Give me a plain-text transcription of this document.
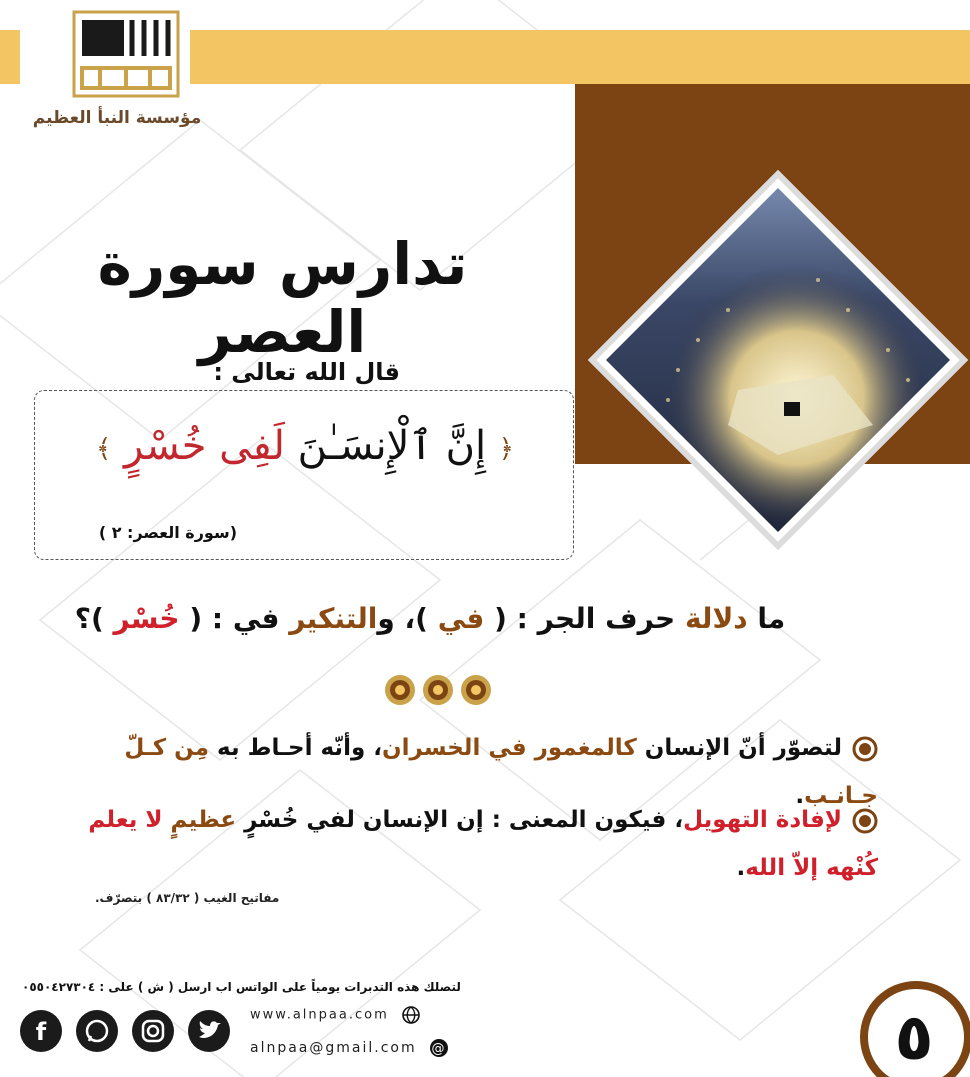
مؤسسة النبأ العظيم
تدارس سورة العصر
قال الله تعالى :
﴿ إِنَّ ٱلْإِنسَـٰنَ لَفِى خُسْرٍ ﴾
(سورة العصر: ٢ )
ما دلالة حرف الجر : ( في )، والتنكير في : ( خُسْر )؟
لتصوّر أنّ الإنسان كالمغمور في الخسران، وأنّه أحـاط به مِن كـلّ جـانـب.
لإفادة التهويل، فيكون المعنى : إن الإنسان لفي خُسْرٍ عظيمٍ لا يعلم كُنْهه إلاّ الله.
مفاتيح الغيب ( ٨٣/٣٢ ) بتصرّف.
لتصلك هذه التدبرات يومياً على الواتس اب ارسل ( ش ) على : ٠٥٥٠٤٢٧٣٠٤
www.alnpaa.com
alnpaa@gmail.com @
f	٥
